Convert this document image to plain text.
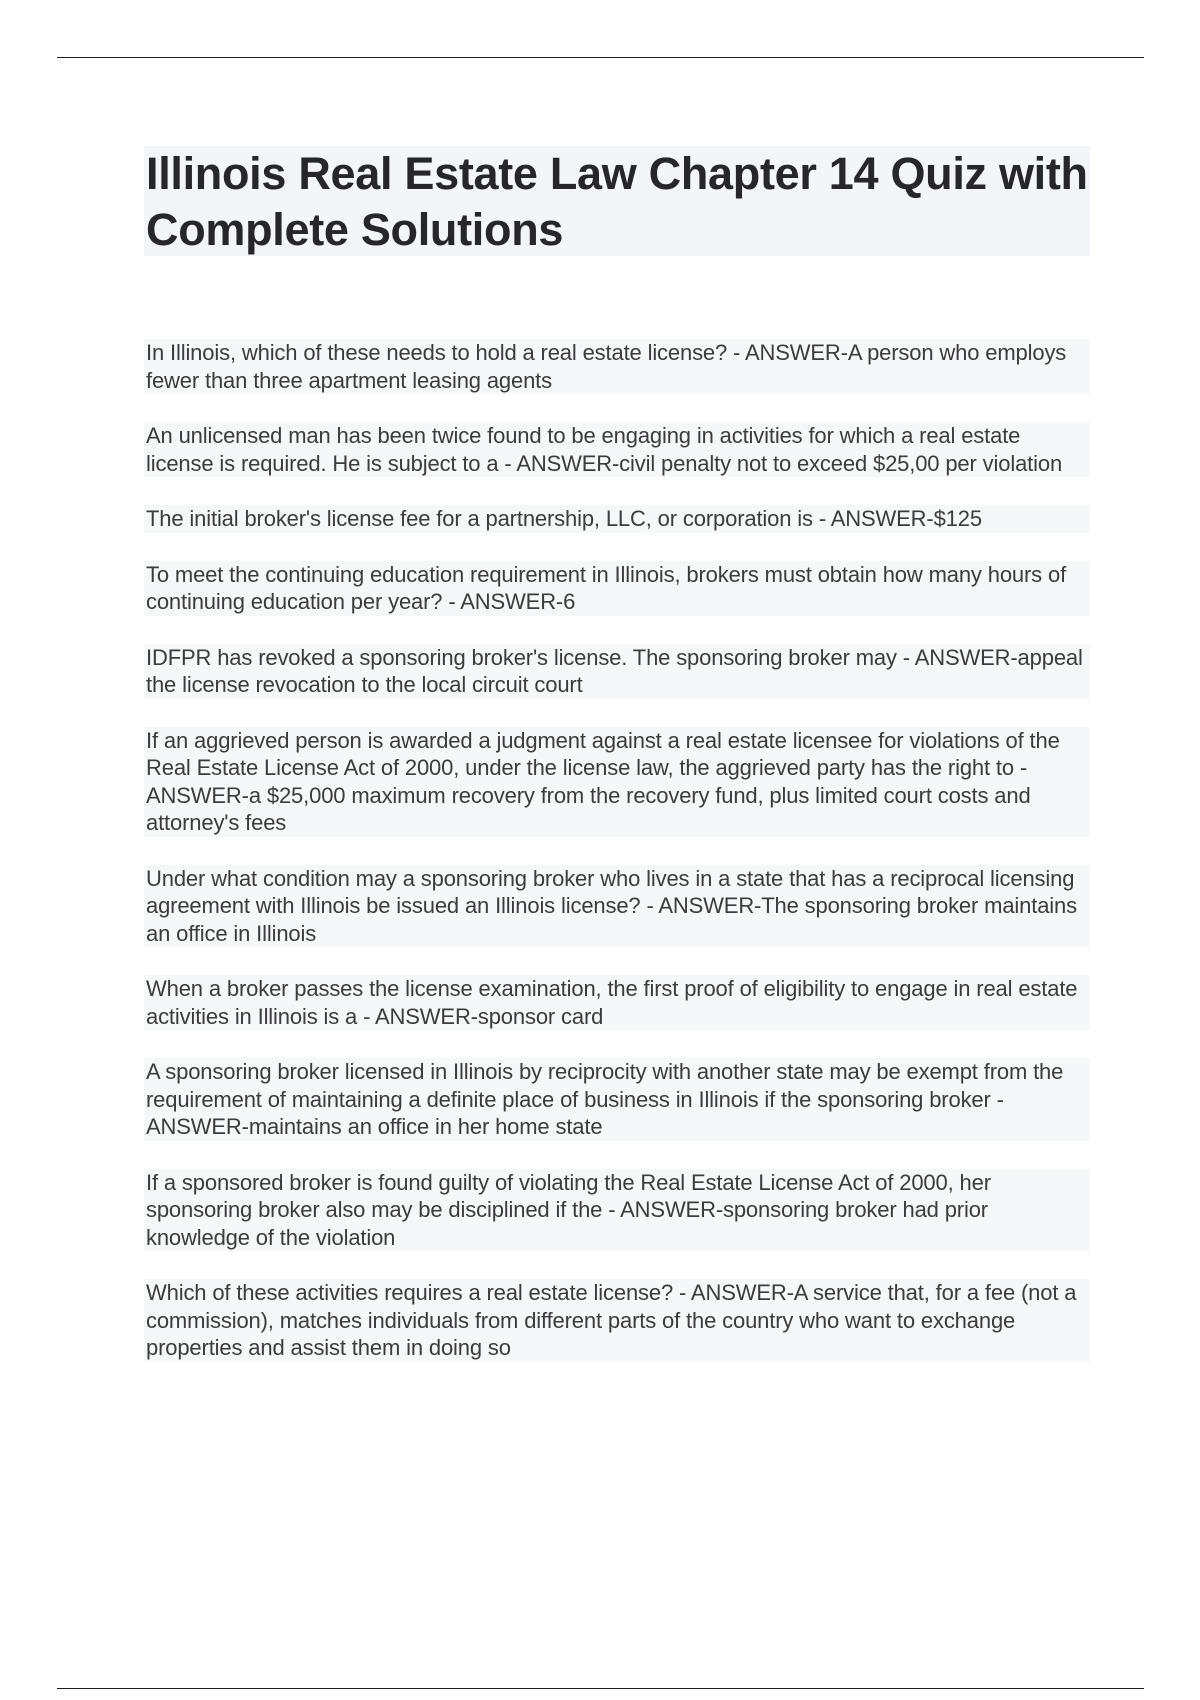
Illinois Real Estate Law Chapter 14 Quiz with Complete Solutions
In Illinois, which of these needs to hold a real estate license? - ANSWER-A person who employs fewer than three apartment leasing agents
An unlicensed man has been twice found to be engaging in activities for which a real estate license is required. He is subject to a - ANSWER-civil penalty not to exceed $25,00 per violation
The initial broker's license fee for a partnership, LLC, or corporation is - ANSWER-$125
To meet the continuing education requirement in Illinois, brokers must obtain how many hours of continuing education per year? - ANSWER-6
IDFPR has revoked a sponsoring broker's license. The sponsoring broker may - ANSWER-appeal the license revocation to the local circuit court
If an aggrieved person is awarded a judgment against a real estate licensee for violations of the Real Estate License Act of 2000, under the license law, the aggrieved party has the right to - ANSWER-a $25,000 maximum recovery from the recovery fund, plus limited court costs and attorney's fees
Under what condition may a sponsoring broker who lives in a state that has a reciprocal licensing agreement with Illinois be issued an Illinois license? - ANSWER-The sponsoring broker maintains an office in Illinois
When a broker passes the license examination, the first proof of eligibility to engage in real estate activities in Illinois is a - ANSWER-sponsor card
A sponsoring broker licensed in Illinois by reciprocity with another state may be exempt from the requirement of maintaining a definite place of business in Illinois if the sponsoring broker - ANSWER-maintains an office in her home state
If a sponsored broker is found guilty of violating the Real Estate License Act of 2000, her sponsoring broker also may be disciplined if the - ANSWER-sponsoring broker had prior knowledge of the violation
Which of these activities requires a real estate license? - ANSWER-A service that, for a fee (not a commission), matches individuals from different parts of the country who want to exchange properties and assist them in doing so
